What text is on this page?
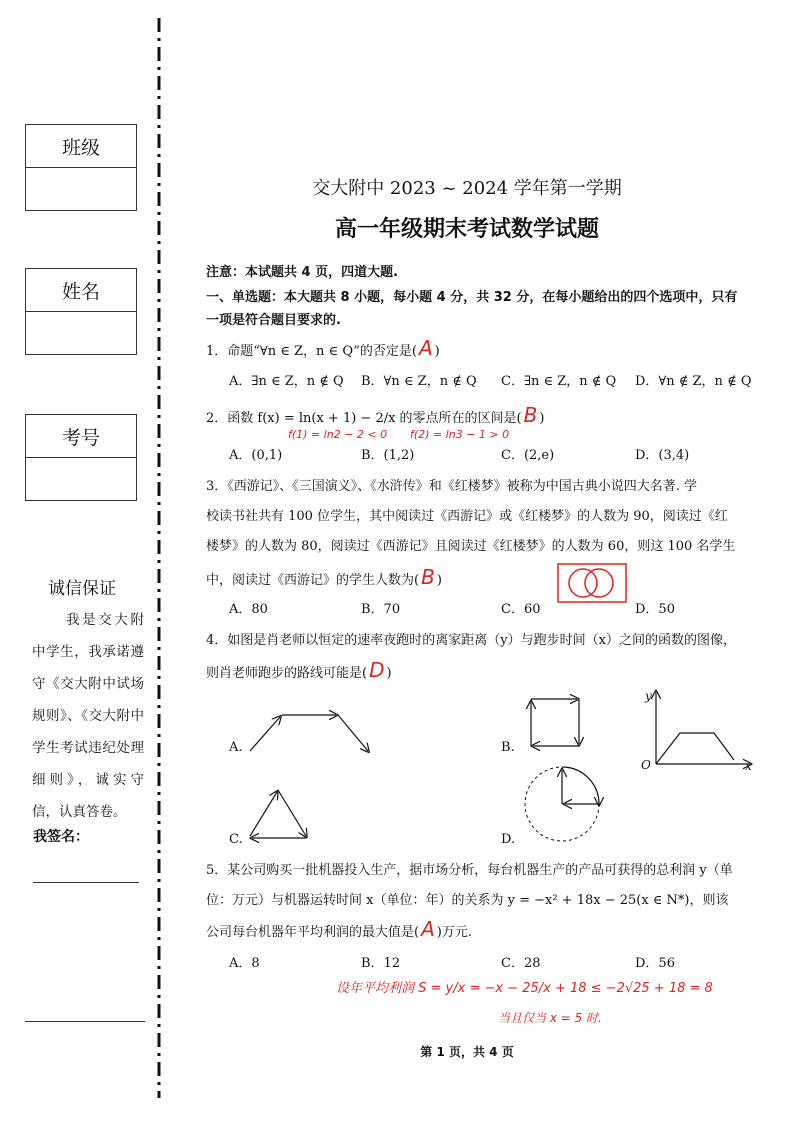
班级
姓名
考号
诚信保证
我是交大附中学生，我承诺遵守《交大附中试场规则》、《交大附中学生考试违纪处理细则》，诚实守信，认真答卷。
我签名：
交大附中 2023 ~ 2024 学年第一学期
高一年级期末考试数学试题
注意：本试题共 4 页，四道大题.
一、单选题：本大题共 8 小题，每小题 4 分，共 32 分，在每小题给出的四个选项中，只有
一项是符合题目要求的.
1．命题“∀n ∈ Z，n ∈ Q”的否定是( A )
A．∃n ∈ Z，n ∉ Q B．∀n ∈ Z，n ∉ Q C．∃n ∈ Z，n ∉ Q D．∀n ∉ Z，n ∉ Q
2．函数 f(x) = ln(x + 1) − 2/x 的零点所在的区间是( B )
f(1) = ln2 − 2 < 0 f(2) = ln3 − 1 > 0
A．(0,1)	B．(1,2)	C．(2,e)	D．(3,4)
3．《西游记》、《三国演义》、《水浒传》和《红楼梦》被称为中国古典小说四大名著. 学
校读书社共有 100 位学生，其中阅读过《西游记》或《红楼梦》的人数为 90，阅读过《红
楼梦》的人数为 80，阅读过《西游记》且阅读过《红楼梦》的人数为 60，则这 100 名学生
中，阅读过《西游记》的学生人数为( B )
A．80	B．70	C．60	D．50
4．如图是肖老师以恒定的速率夜跑时的离家距离（y）与跑步时间（x）之间的函数的图像，
则肖老师跑步的路线可能是( D )
y
x
O
A.	B.
C.	D.
5．某公司购买一批机器投入生产，据市场分析，每台机器生产的产品可获得的总利润 y（单
位：万元）与机器运转时间 x（单位：年）的关系为 y = −x² + 18x − 25(x ∈ N*)，则该
公司每台机器年平均利润的最大值是( A )万元.
A．8	B．12	C．28	D．56
设年平均利润 S = y/x = −x − 25/x + 18 ≤ −2√25 + 18 = 8
当且仅当 x = 5 时.
第 1 页，共 4 页
